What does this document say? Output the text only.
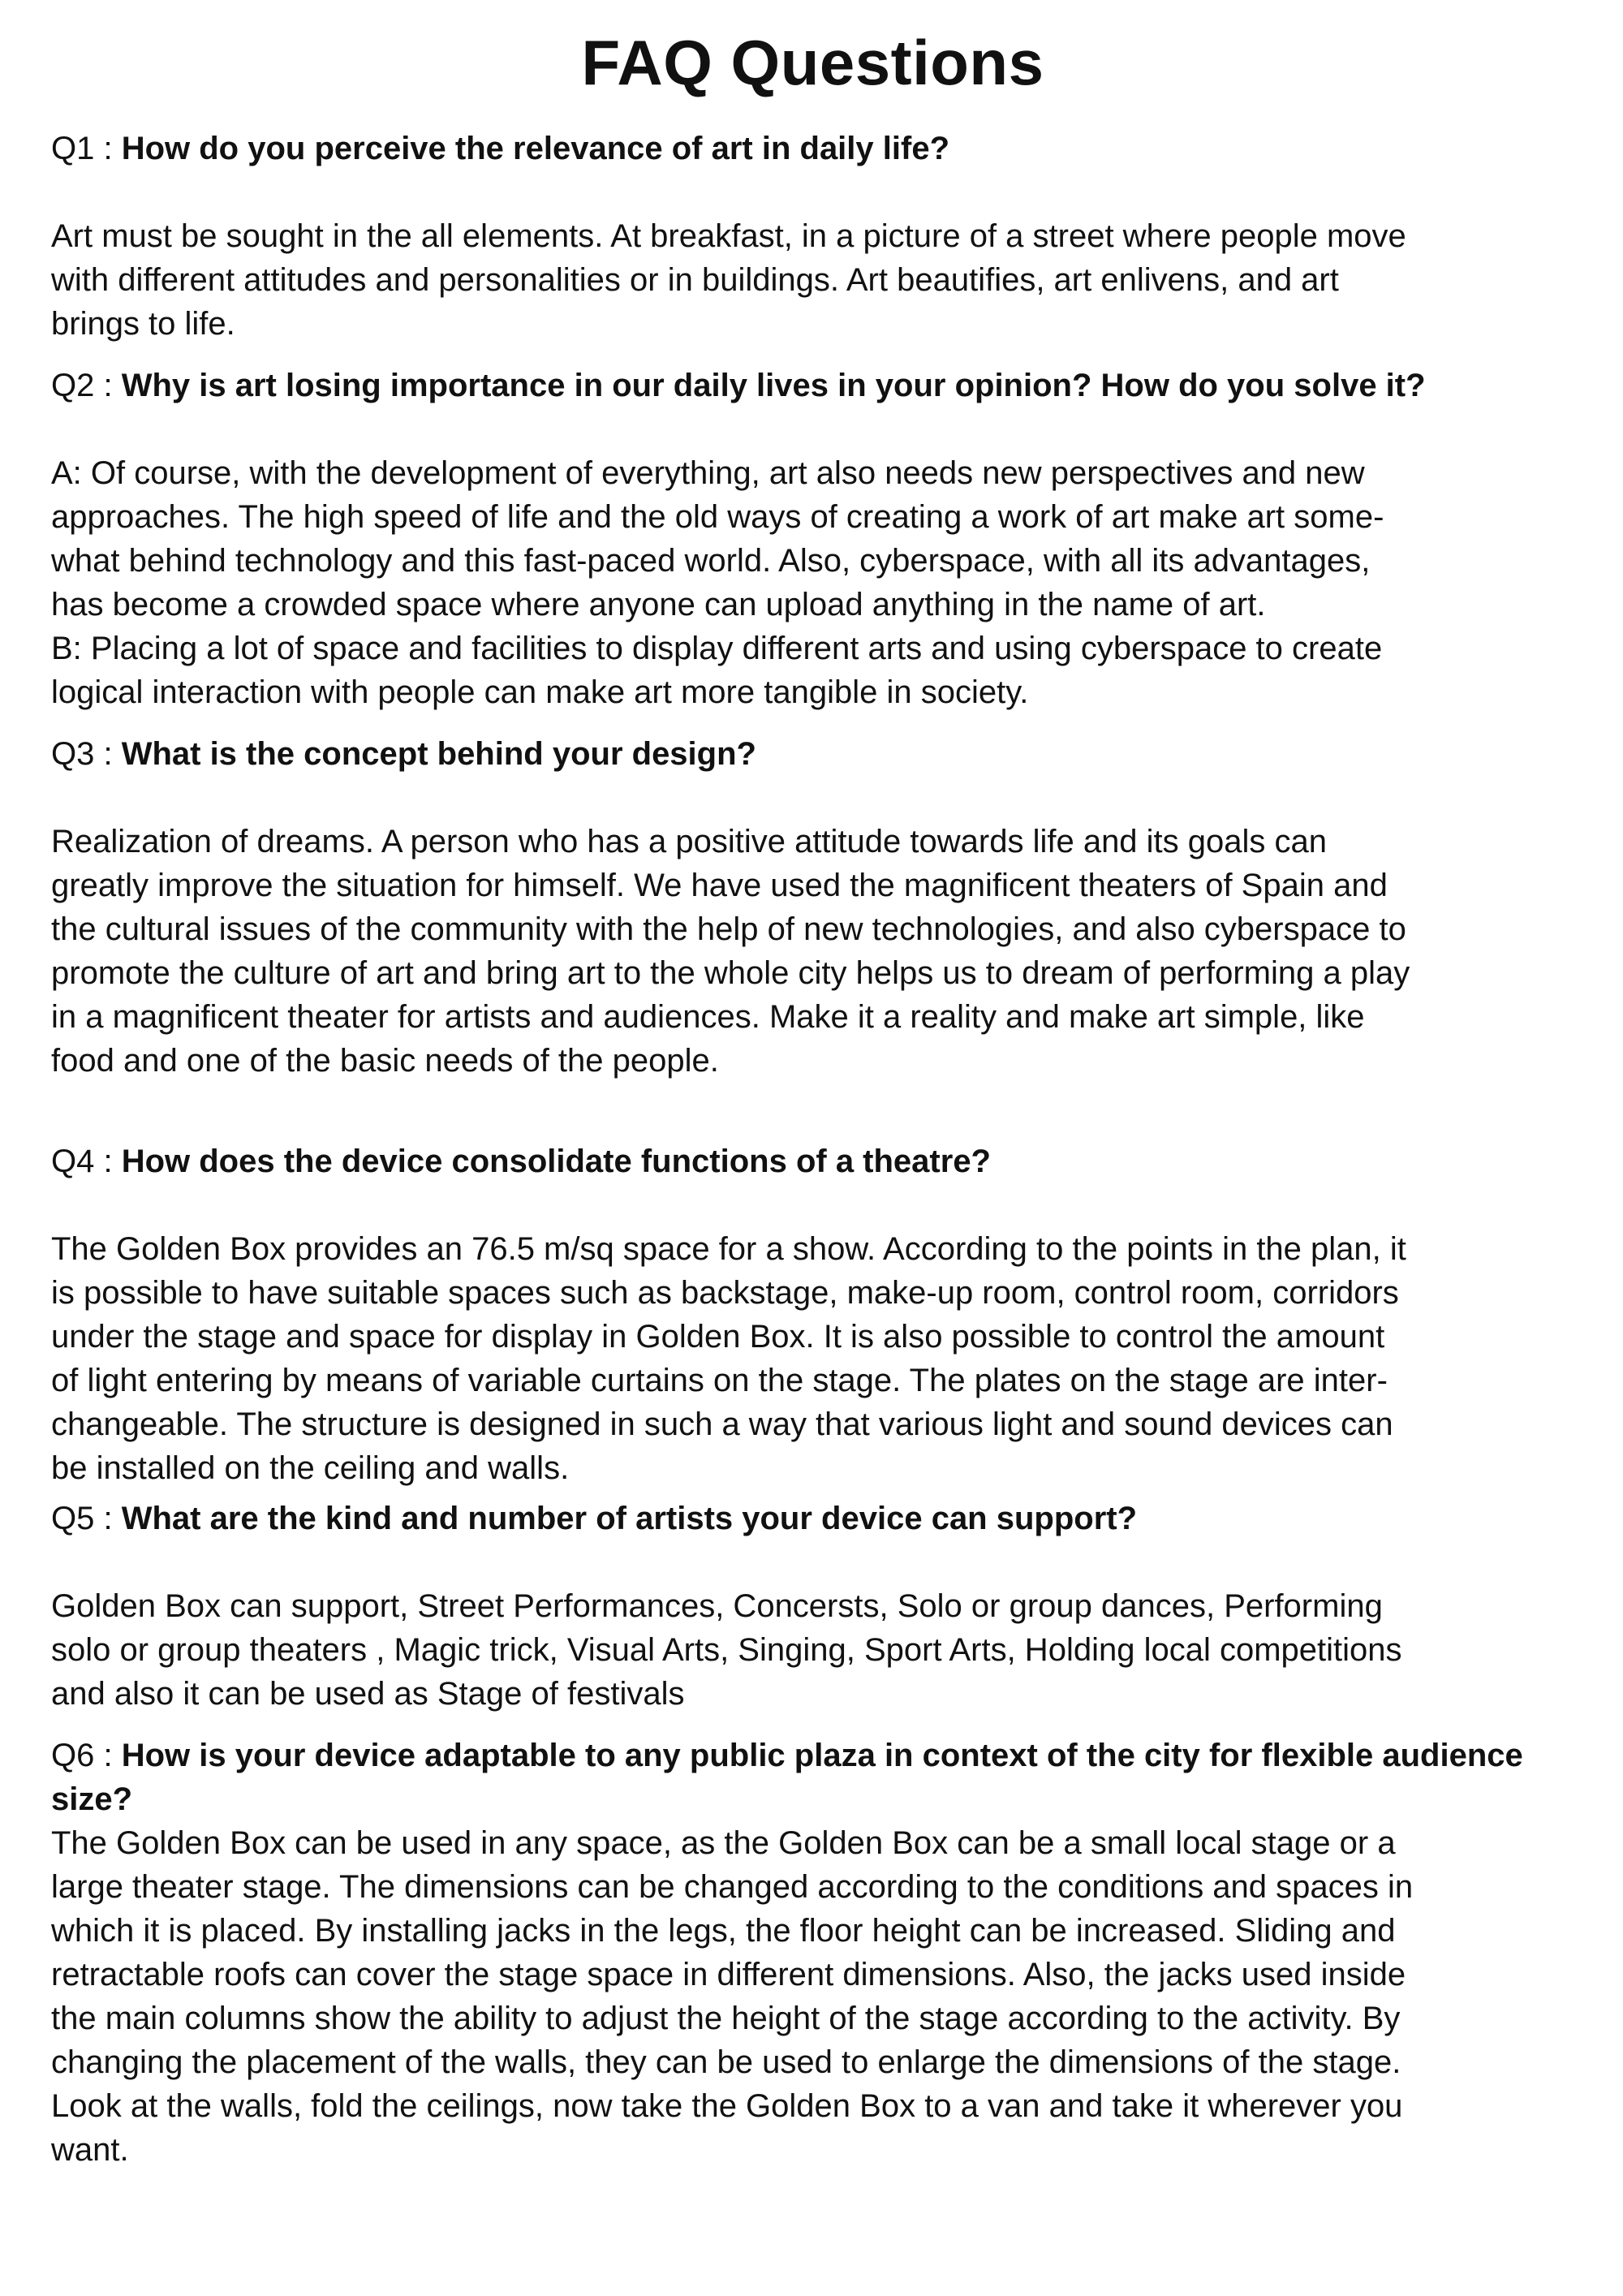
FAQ Questions

Q1 : How do you perceive the relevance of art in daily life?

Art must be sought in the all elements. At breakfast, in a picture of a street where people move
with different attitudes and personalities or in buildings. Art beautifies, art enlivens, and art
brings to life.

Q2 : Why is art losing importance in our daily lives in your opinion? How do you solve it?

A: Of course, with the development of everything, art also needs new perspectives and new
approaches. The high speed of life and the old ways of creating a work of art make art some-
what behind technology and this fast-paced world. Also, cyberspace, with all its advantages,
has become a crowded space where anyone can upload anything in the name of art.
B: Placing a lot of space and facilities to display different arts and using cyberspace to create
logical interaction with people can make art more tangible in society.

Q3 : What is the concept behind your design?

Realization of dreams. A person who has a positive attitude towards life and its goals can
greatly improve the situation for himself. We have used the magnificent theaters of Spain and
the cultural issues of the community with the help of new technologies, and also cyberspace to
promote the culture of art and bring art to the whole city helps us to dream of performing a play
in a magnificent theater for artists and audiences. Make it a reality and make art simple, like
food and one of the basic needs of the people.

Q4 : How does the device consolidate functions of a theatre?

The Golden Box provides an 76.5 m/sq space for a show. According to the points in the plan, it
is possible to have suitable spaces such as backstage, make-up room, control room, corridors
under the stage and space for display in Golden Box. It is also possible to control the amount
of light entering by means of variable curtains on the stage. The plates on the stage are inter-
changeable. The structure is designed in such a way that various light and sound devices can
be installed on the ceiling and walls.

Q5 : What are the kind and number of artists your device can support?

Golden Box can support, Street Performances, Concersts, Solo or group dances, Performing
solo or group theaters , Magic trick, Visual Arts, Singing, Sport Arts, Holding local competitions
and also it can be used as Stage of festivals

Q6 : How is your device adaptable to any public plaza in context of the city for flexible audience size?

The Golden Box can be used in any space, as the Golden Box can be a small local stage or a
large theater stage. The dimensions can be changed according to the conditions and spaces in
which it is placed. By installing jacks in the legs, the floor height can be increased. Sliding and
retractable roofs can cover the stage space in different dimensions. Also, the jacks used inside
the main columns show the ability to adjust the height of the stage according to the activity. By
changing the placement of the walls, they can be used to enlarge the dimensions of the stage.
Look at the walls, fold the ceilings, now take the Golden Box to a van and take it wherever you
want.
